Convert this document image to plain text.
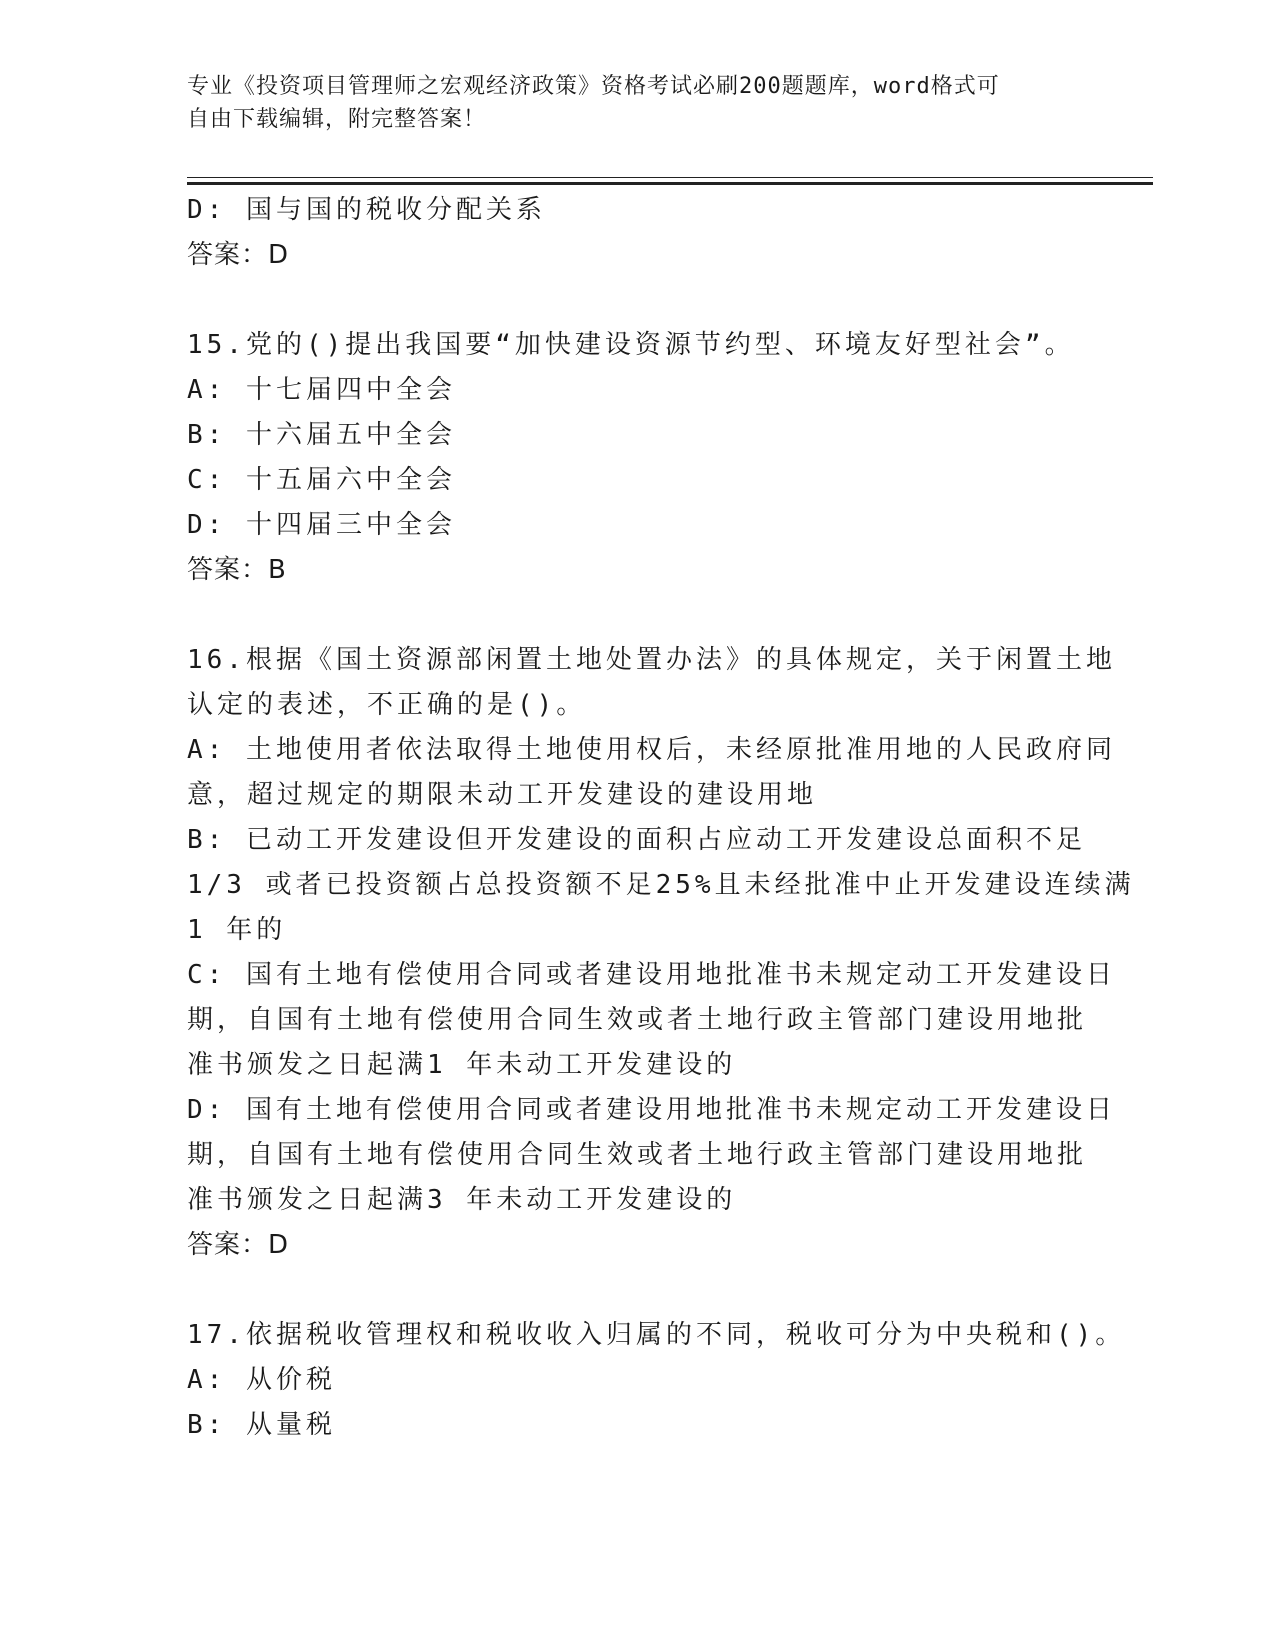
专业《投资项目管理师之宏观经济政策》资格考试必刷200题题库，word格式可
自由下载编辑，附完整答案！
D: 国与国的税收分配关系
答案：D
15.党的()提出我国要“加快建设资源节约型、环境友好型社会”。
A: 十七届四中全会
B: 十六届五中全会
C: 十五届六中全会
D: 十四届三中全会
答案：B
16.根据《国土资源部闲置土地处置办法》的具体规定，关于闲置土地
认定的表述，不正确的是()。
A: 土地使用者依法取得土地使用权后，未经原批准用地的人民政府同
意，超过规定的期限未动工开发建设的建设用地
B: 已动工开发建设但开发建设的面积占应动工开发建设总面积不足
1/3 或者已投资额占总投资额不足25%且未经批准中止开发建设连续满
1 年的
C: 国有土地有偿使用合同或者建设用地批准书未规定动工开发建设日
期，自国有土地有偿使用合同生效或者土地行政主管部门建设用地批
准书颁发之日起满1 年未动工开发建设的
D: 国有土地有偿使用合同或者建设用地批准书未规定动工开发建设日
期，自国有土地有偿使用合同生效或者土地行政主管部门建设用地批
准书颁发之日起满3 年未动工开发建设的
答案：D
17.依据税收管理权和税收收入归属的不同，税收可分为中央税和()。
A: 从价税
B: 从量税
